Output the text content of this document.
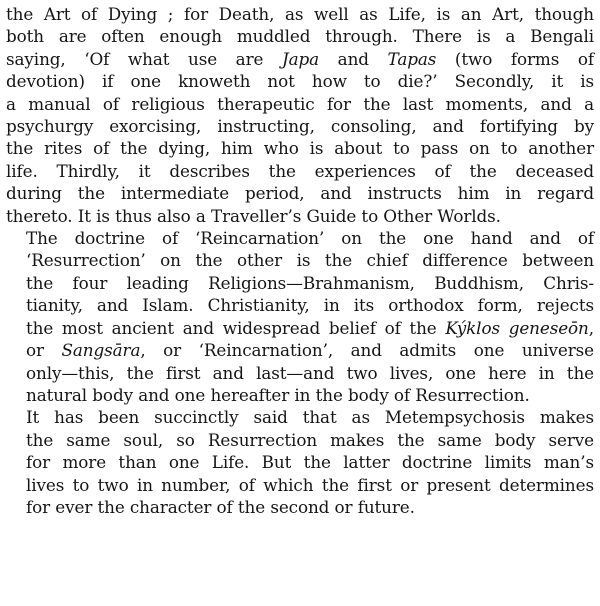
the Art of Dying ; for Death, as well as Life, is an Art, though
both are often enough muddled through. There is a Bengali
saying, ‘Of what use are Japa and Tapas (two forms of
devotion) if one knoweth not how to die?’ Secondly, it is
a manual of religious therapeutic for the last moments, and a
psychurgy exorcising, instructing, consoling, and fortifying by
the rites of the dying, him who is about to pass on to another
life. Thirdly, it describes the experiences of the deceased
during the intermediate period, and instructs him in regard
thereto. It is thus also a Traveller’s Guide to Other Worlds.

The doctrine of ‘Reincarnation’ on the one hand and of
‘Resurrection’ on the other is the chief difference between
the four leading Religions—Brahmanism, Buddhism, Chris-
tianity, and Islam. Christianity, in its orthodox form, rejects
the most ancient and widespread belief of the Kýklos geneseōn,
or Sangsāra, or ‘Reincarnation’, and admits one universe
only—this, the first and last—and two lives, one here in the
natural body and one hereafter in the body of Resurrection.

It has been succinctly said that as Metempsychosis makes
the same soul, so Resurrection makes the same body serve
for more than one Life. But the latter doctrine limits man’s
lives to two in number, of which the first or present determines
for ever the character of the second or future.
